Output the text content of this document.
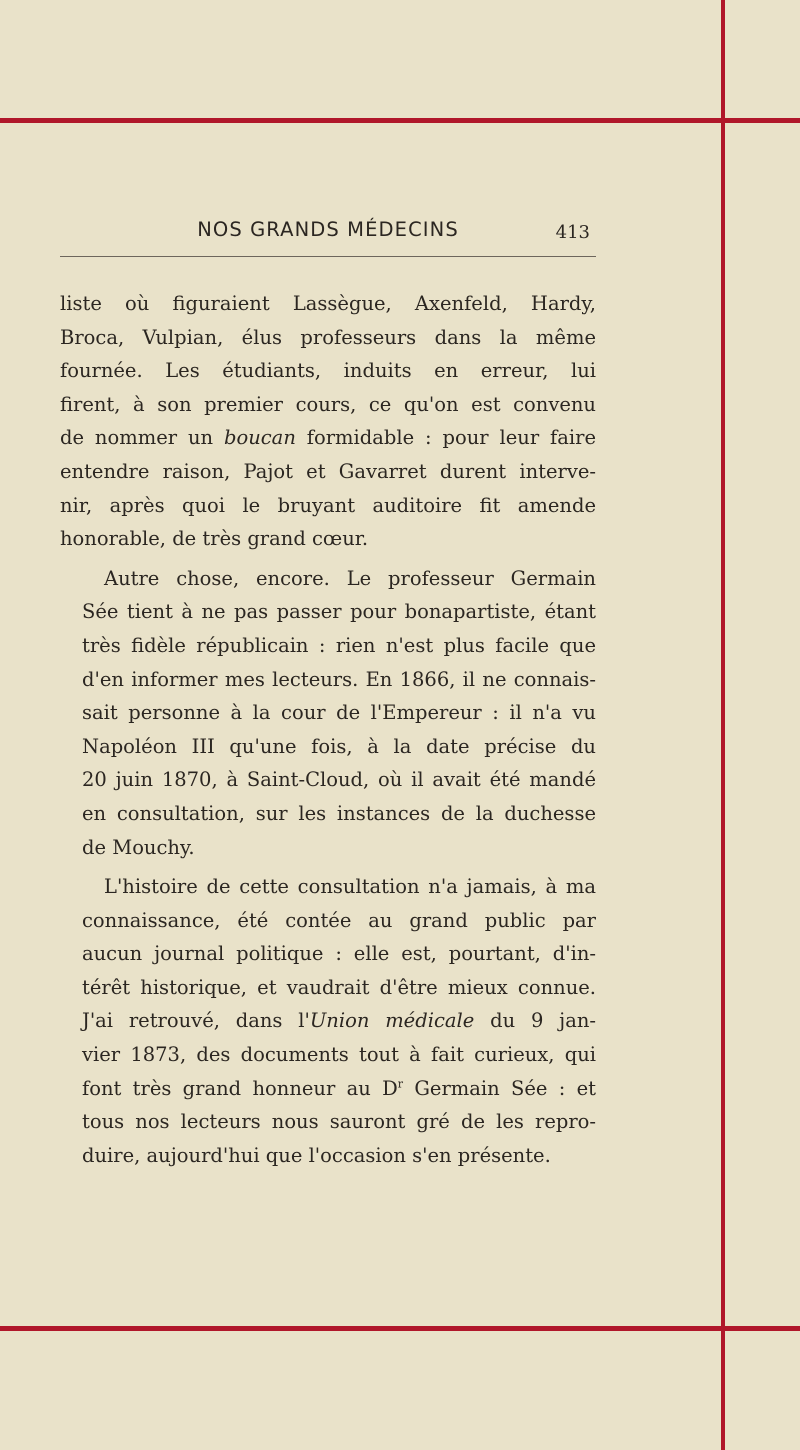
NOS GRANDS MÉDECINS	413

liste où figuraient Lassègue, Axenfeld, Hardy,
Broca, Vulpian, élus professeurs dans la même
fournée. Les étudiants, induits en erreur, lui
firent, à son premier cours, ce qu'on est convenu
de nommer un boucan formidable : pour leur faire
entendre raison, Pajot et Gavarret durent interve-
nir, après quoi le bruyant auditoire fit amende
honorable, de très grand cœur.

Autre chose, encore. Le professeur Germain
Sée tient à ne pas passer pour bonapartiste, étant
très fidèle républicain : rien n'est plus facile que
d'en informer mes lecteurs. En 1866, il ne connais-
sait personne à la cour de l'Empereur : il n'a vu
Napoléon III qu'une fois, à la date précise du
20 juin 1870, à Saint-Cloud, où il avait été mandé
en consultation, sur les instances de la duchesse
de Mouchy.

L'histoire de cette consultation n'a jamais, à ma
connaissance, été contée au grand public par
aucun journal politique : elle est, pourtant, d'in-
térêt historique, et vaudrait d'être mieux connue.
J'ai retrouvé, dans l'Union médicale du 9 jan-
vier 1873, des documents tout à fait curieux, qui
font très grand honneur au $D^r$ Germain Sée : et
tous nos lecteurs nous sauront gré de les repro-
duire, aujourd'hui que l'occasion s'en présente.
